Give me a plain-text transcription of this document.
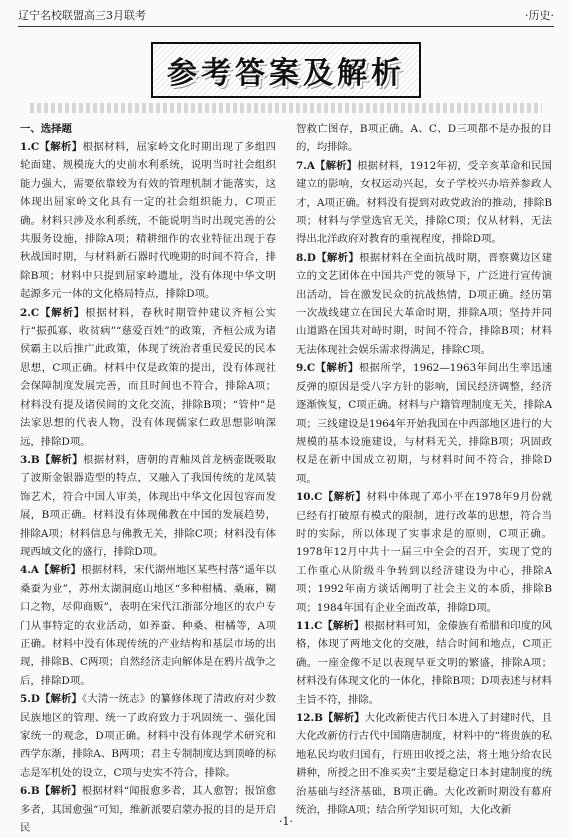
辽宁名校联盟高三3月联考	·历史·
参考答案及解析

一、选择题

1.C【解析】根据材料，屈家岭文化时期出现了多组四轮面建、规模庞大的史前水利系统，说明当时社会组织能力强大，需要依靠较为有效的管理机制才能落实，这体现出屈家岭文化具有一定的社会组织能力，C项正确。材料只涉及水利系统，不能说明当时出现完善的公共服务设施，排除A项；精耕细作的农业特征出现于春秋战国时期，与材料新石器时代晚期的时间不符合，排除B项；材料中只提到屈家岭遗址，没有体现中华文明起源多元一体的文化格局特点，排除D项。

2.C【解析】根据材料，春秋时期管仲建议齐桓公实行“振孤寡、收贫病”“慈爱百姓”的政策，齐桓公成为诸侯霸主以后推广此政策，体现了统治者重民爱民的民本思想，C项正确。材料中仅是政策的提出，没有体现社会保障制度发展完善，而且时间也不符合，排除A项；材料没有提及诸侯间的文化交流，排除B项；“管仲”是法家思想的代表人物，没有体现儒家仁政思想影响深远，排除D项。

3.B【解析】根据材料，唐朝的青釉凤首龙柄壶既吸取了波斯金银器造型的特点，又融入了我国传统的龙凤装饰艺术，符合中国人审美，体现出中华文化因包容而发展，B项正确。材料没有体现佛教在中国的发展趋势，排除A项；材料信息与佛教无关，排除C项；材料没有体现西域文化的盛行，排除D项。

4.A【解析】根据材料，宋代湖州地区某些村落“遥年以桑蚕为业”，苏州太湖洞庭山地区“多种柑橘、桑麻，糊口之物，尽仰商贩”，表明在宋代江浙部分地区的农户专门从事特定的农业活动，如养蚕、种桑、柑橘等，A项正确。材料中没有体现传统的产业结构和基层市场的出现，排除B、C两项；自然经济走向解体是在鸦片战争之后，排除D项。

5.D【解析】《大清一统志》的纂修体现了清政府对少数民族地区的管理、统一了政府致力于巩固统一、强化国家统一的观念，D项正确。材料中没有体现学术研究和西学东渐，排除A、B两项；君主专制制度达到顶峰的标志是军机处的设立，C项与史实不符合，排除。

6.B【解析】根据材料“闻报愈多者，其人愈智；报馆愈多者，其国愈强”可知，维新派要启蒙办报的目的是开启民

智救亡图存，B项正确。A、C、D三项都不是办报的目的，均排除。

7.A【解析】根据材料，1912年初，受辛亥革命和民国建立的影响，女权运动兴起，女子学校兴办培养参政人才，A项正确。材料没有提到对政党政治的推动，排除B项；材料与学堂选官无关，排除C项；仅从材料，无法得出北洋政府对教育的重视程度，排除D项。

8.D【解析】根据材料在全面抗战时期，晋察冀边区建立的文艺团体在中国共产党的领导下，广泛进行宣传演出活动，旨在激发民众的抗战热情，D项正确。经历第一次战线建立在国民大革命时期，排除A项；坚持并同山道路在国共对峙时期，时间不符合，排除B项；材料无法体现社会娱乐需求得满足，排除C项。

9.C【解析】根据所学，1962—1963年间出生率迅速反弹的原因是受八字方针的影响，国民经济调整，经济逐渐恢复，C项正确。材料与户籍管理制度无关，排除A项；三线建设是1964年开始我国在中西部地区进行的大规模的基本设施建设，与材料无关，排除B项；巩固政权是在新中国成立初期，与材料时间不符合，排除D项。

10.C【解析】材料中体现了邓小平在1978年9月份就已经有打破原有模式的限制，进行改革的思想，符合当时的实际，所以体现了实事求是的原则，C项正确。1978年12月中共十一届三中全会的召开，实现了党的工作重心从阶级斗争转到以经济建设为中心，排除A项；1992年南方谈话阐明了社会主义的本质，排除B项；1984年国有企业全面改革，排除D项。

11.C【解析】根据材料可知，金傣族有希腊和印度的风格，体现了两地文化的交融，结合时间和地点，C项正确。一座金像不足以表现早亚文明的繁盛，排除A项；材料没有体现文化的一体化，排除B项；D项表述与材料主旨不符，排除。

12.B【解析】大化改新使古代日本进入了封建时代，且大化改新仿行古代中国隋唐制度，材料中的“将贵族的私地私民均收归国有，行班田收授之法，将土地分给农民耕种，所授之田不准买卖”主要是稳定日本封建制度的统治基础与经济基础，B项正确。大化改新时期没有幕府统治，排除A项；结合所学知识可知，大化改新

·1·
